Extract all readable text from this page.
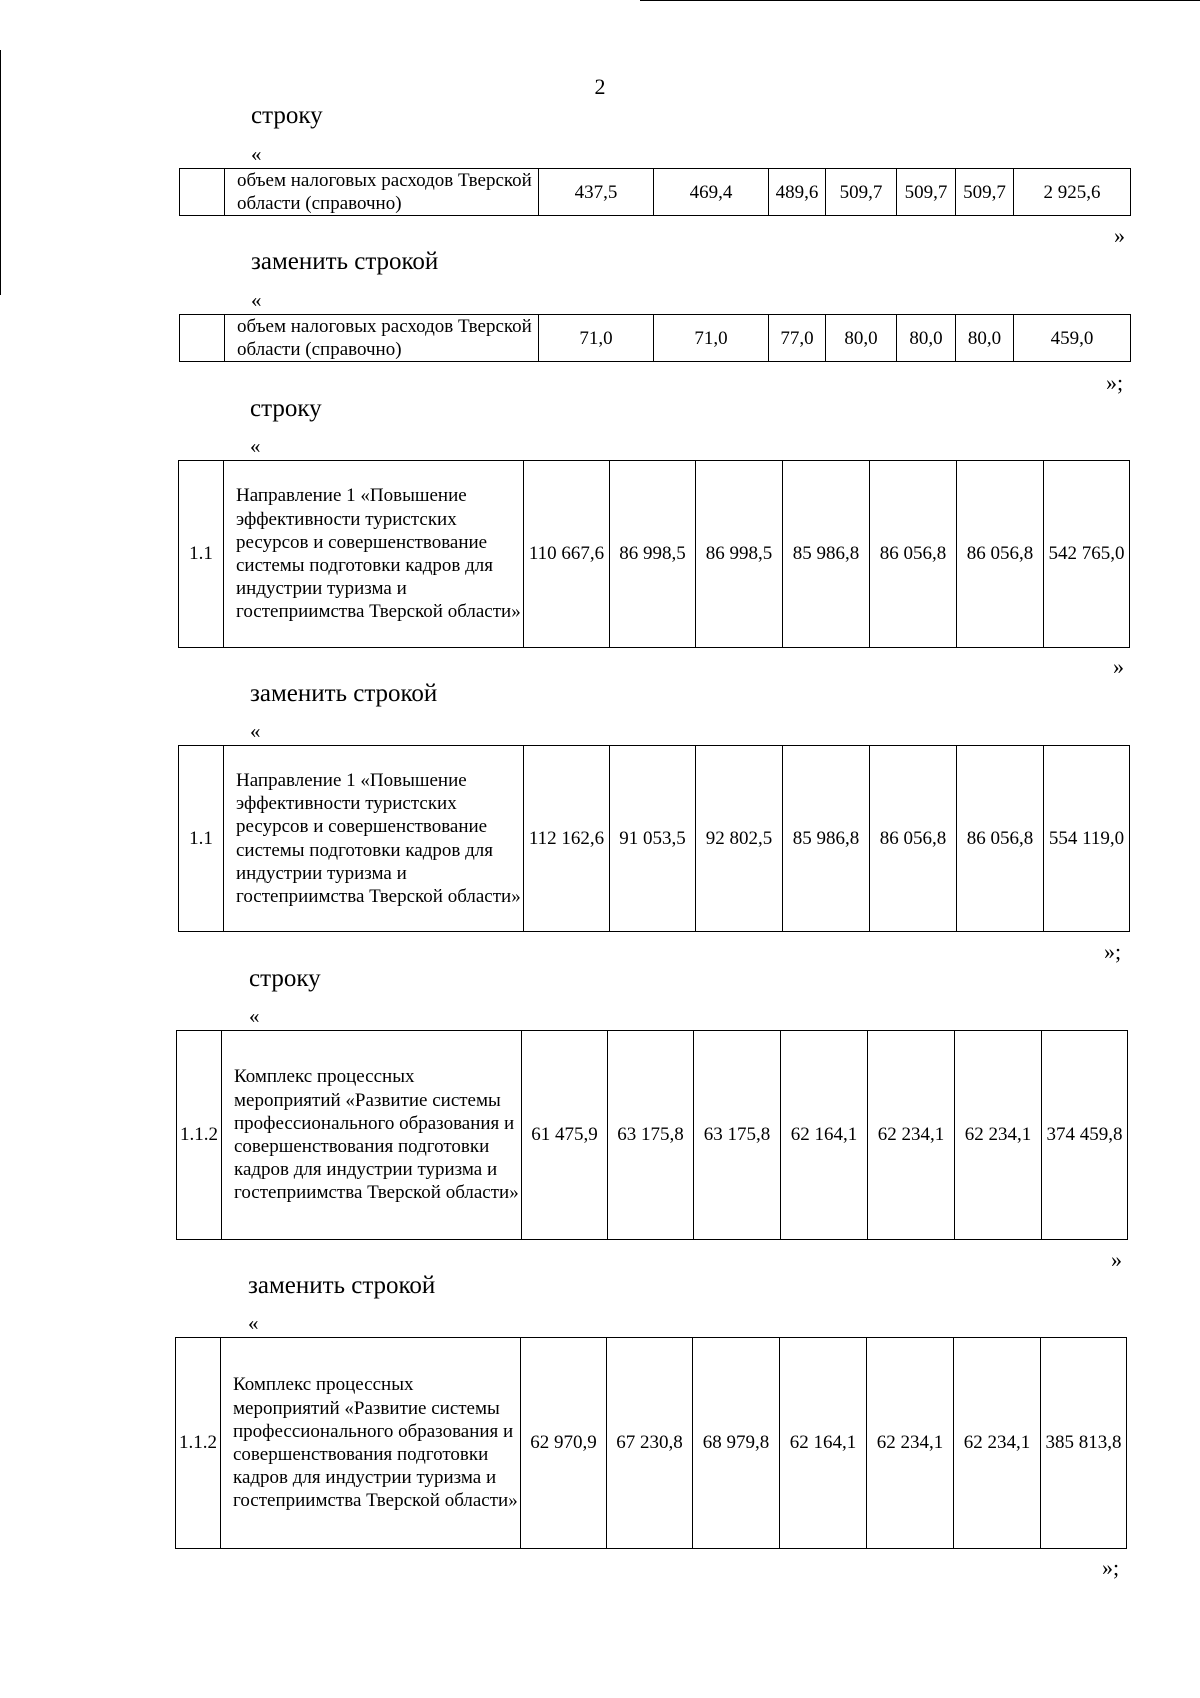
2
строку
«
	объем налоговых расходов Тверской области (справочно)	437,5	469,4	489,6	509,7	509,7	509,7	2 925,6
»
заменить строкой
«
	объем налоговых расходов Тверской области (справочно)	71,0	71,0	77,0	80,0	80,0	80,0	459,0
»;
строку
«
1.1	Направление 1 «Повышение эффективности туристских ресурсов и совершенствование системы подготовки кадров для индустрии туризма и гостеприимства Тверской области»	110 667,6	86 998,5	86 998,5	85 986,8	86 056,8	86 056,8	542 765,0
»
заменить строкой
«
1.1	Направление 1 «Повышение эффективности туристских ресурсов и совершенствование системы подготовки кадров для индустрии туризма и гостеприимства Тверской области»	112 162,6	91 053,5	92 802,5	85 986,8	86 056,8	86 056,8	554 119,0
»;
строку
«
1.1.2	Комплекс процессных мероприятий «Развитие системы профессионального образования и совершенствования подготовки кадров для индустрии туризма и гостеприимства Тверской области»	61 475,9	63 175,8	63 175,8	62 164,1	62 234,1	62 234,1	374 459,8
»
заменить строкой
«
1.1.2	Комплекс процессных мероприятий «Развитие системы профессионального образования и совершенствования подготовки кадров для индустрии туризма и гостеприимства Тверской области»	62 970,9	67 230,8	68 979,8	62 164,1	62 234,1	62 234,1	385 813,8
»;
